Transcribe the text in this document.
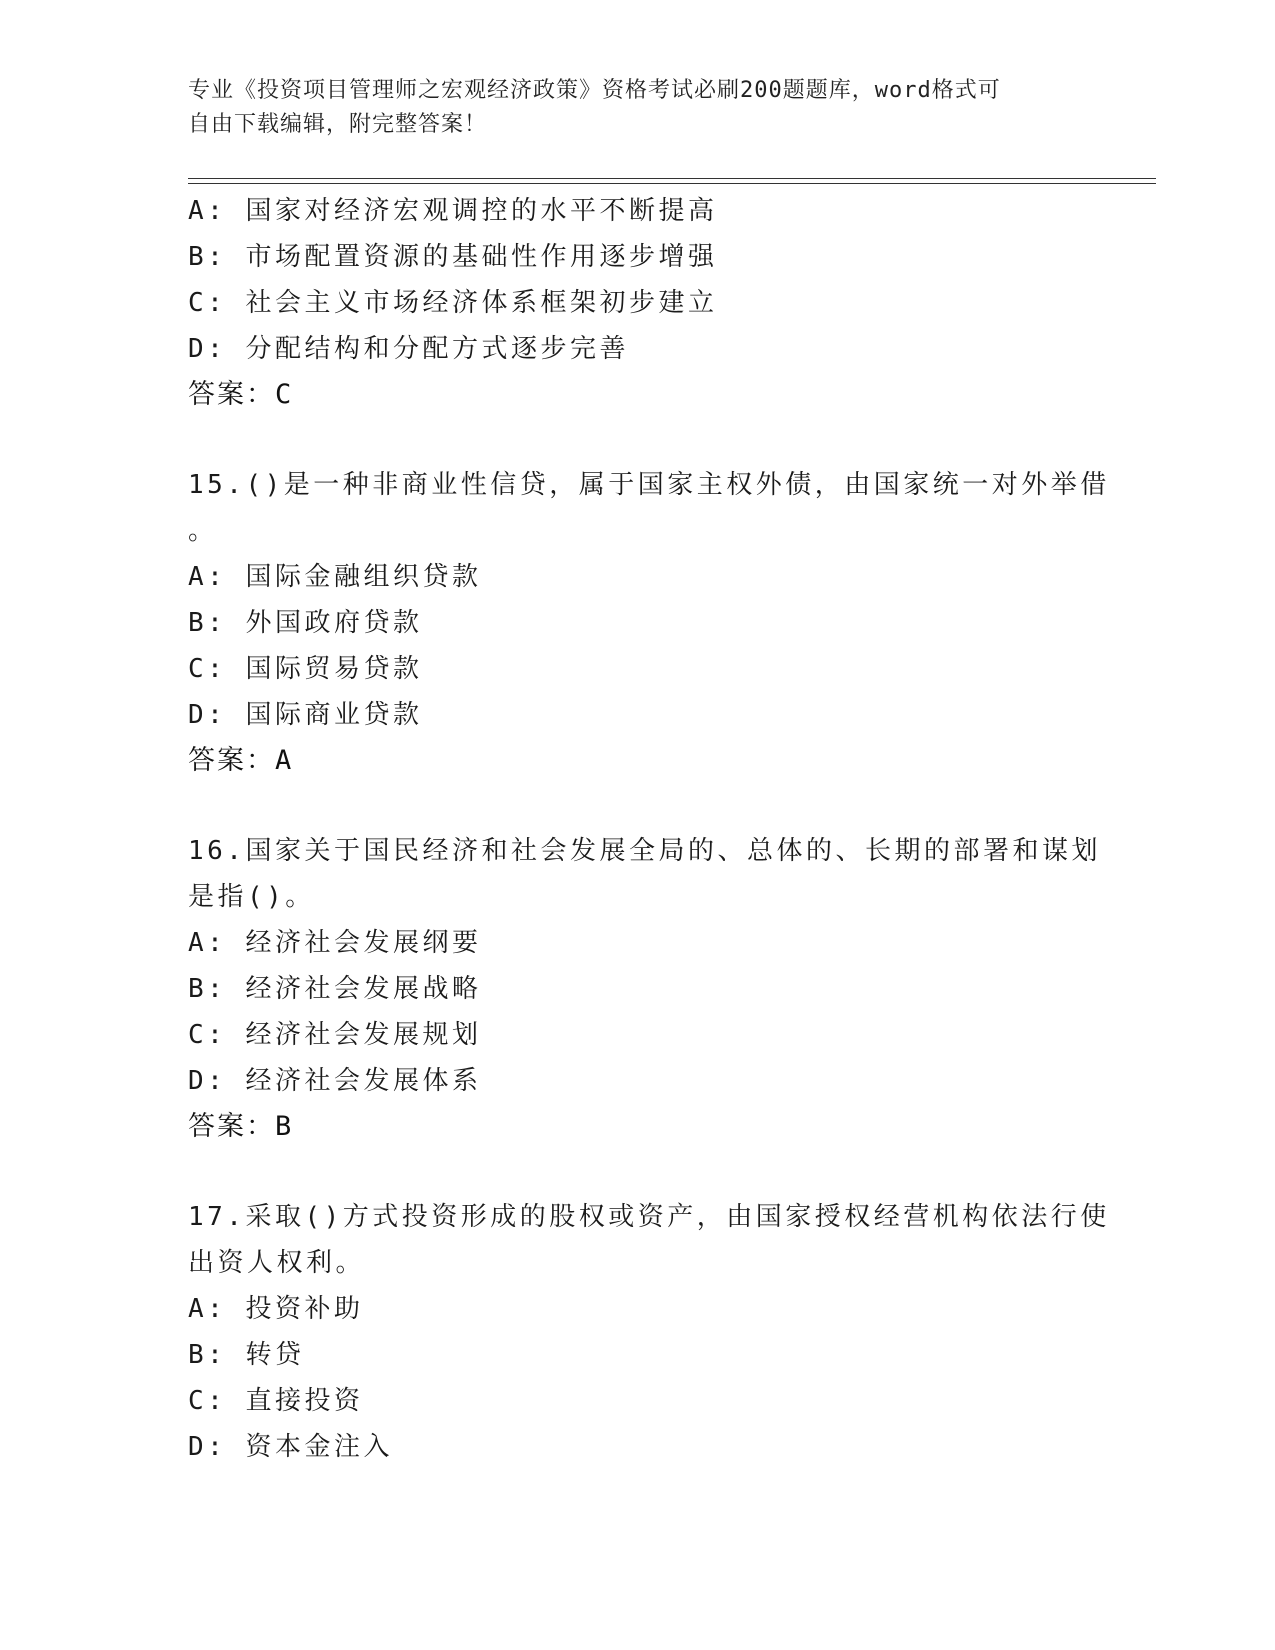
专业《投资项目管理师之宏观经济政策》资格考试必刷200题题库，word格式可
自由下载编辑，附完整答案！
A: 国家对经济宏观调控的水平不断提高
B: 市场配置资源的基础性作用逐步增强
C: 社会主义市场经济体系框架初步建立
D: 分配结构和分配方式逐步完善
答案：C
15.()是一种非商业性信贷，属于国家主权外债，由国家统一对外举借
。
A: 国际金融组织贷款
B: 外国政府贷款
C: 国际贸易贷款
D: 国际商业贷款
答案：A
16.国家关于国民经济和社会发展全局的、总体的、长期的部署和谋划
是指()。
A: 经济社会发展纲要
B: 经济社会发展战略
C: 经济社会发展规划
D: 经济社会发展体系
答案：B
17.采取()方式投资形成的股权或资产，由国家授权经营机构依法行使
出资人权利。
A: 投资补助
B: 转贷
C: 直接投资
D: 资本金注入
